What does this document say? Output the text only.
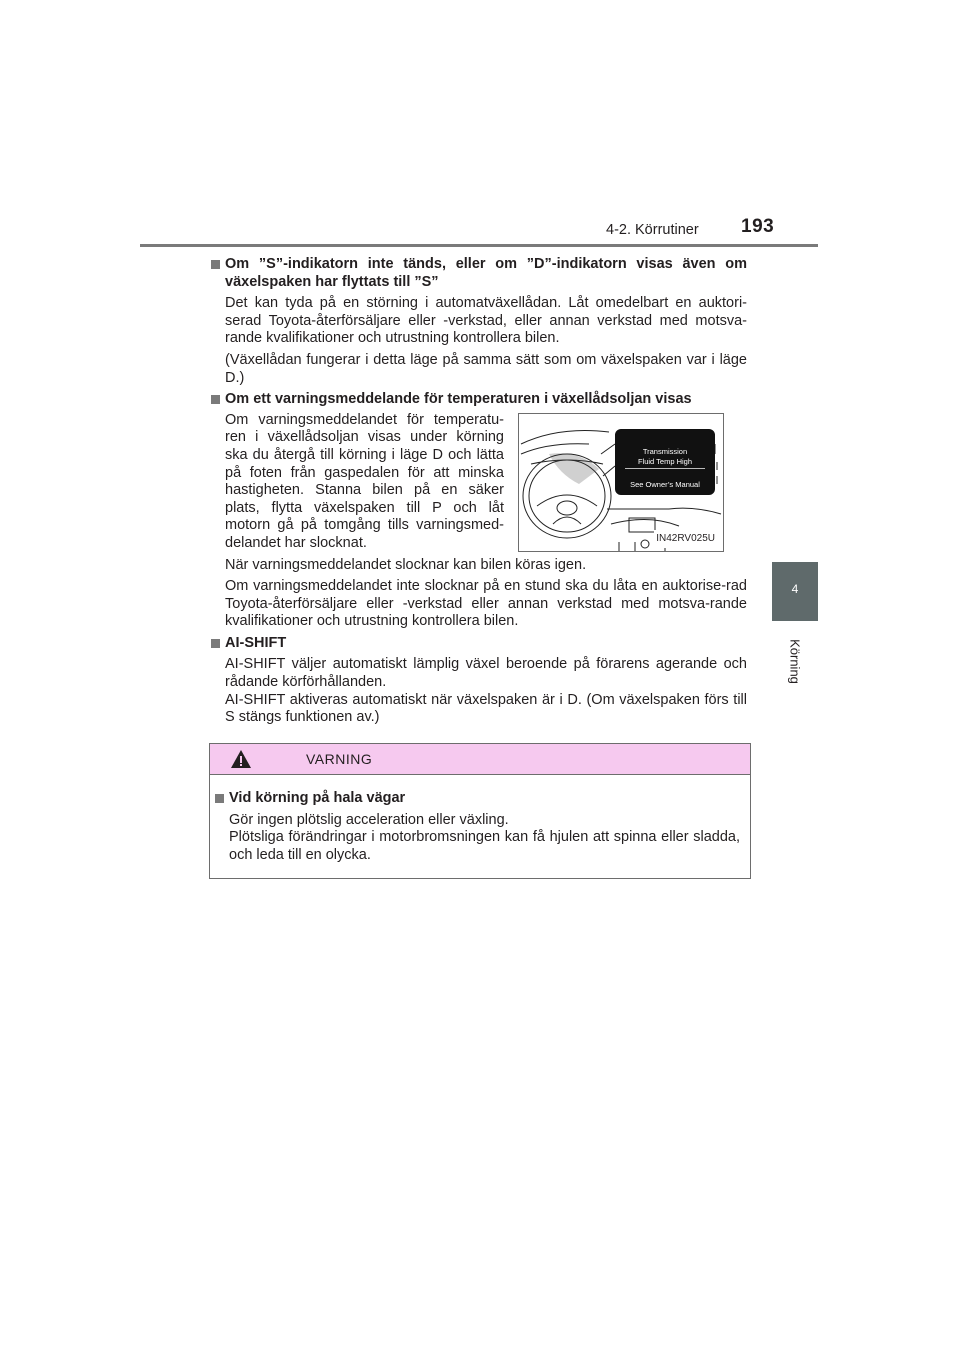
4-2. Körrutiner 193
4
Körning
Om ”S”-indikatorn inte tänds, eller om ”D”-indikatorn visas även om växelspaken har flyttats till ”S”
Det kan tyda på en störning i automatväxellådan. Låt omedelbart en auktori-serad Toyota-återförsäljare eller -verkstad, eller annan verkstad med motsva-rande kvalifikationer och utrustning kontrollera bilen.
(Växellådan fungerar i detta läge på samma sätt som om växelspaken var i läge D.)
Om ett varningsmeddelande för temperaturen i växellådsoljan visas
Om varningsmeddelandet för temperatu-ren i växellådsoljan visas under körning ska du återgå till körning i läge D och lätta på foten från gaspedalen för att minska hastigheten. Stanna bilen på en säker plats, flytta växelspaken till P och låt motorn gå på tomgång tills varningsmed-delandet har slocknat.
Transmission
Fluid Temp High
See Owner’s Manual
IN42RV025U
När varningsmeddelandet slocknar kan bilen köras igen.
Om varningsmeddelandet inte slocknar på en stund ska du låta en auktorise-rad Toyota-återförsäljare eller -verkstad eller annan verkstad med motsva-rande kvalifikationer och utrustning kontrollera bilen.
AI-SHIFT
AI-SHIFT väljer automatiskt lämplig växel beroende på förarens agerande och rådande körförhållanden.
AI-SHIFT aktiveras automatiskt när växelspaken är i D. (Om växelspaken förs till S stängs funktionen av.)
VARNING
Vid körning på hala vägar
Gör ingen plötslig acceleration eller växling.
Plötsliga förändringar i motorbromsningen kan få hjulen att spinna eller sladda, och leda till en olycka.
